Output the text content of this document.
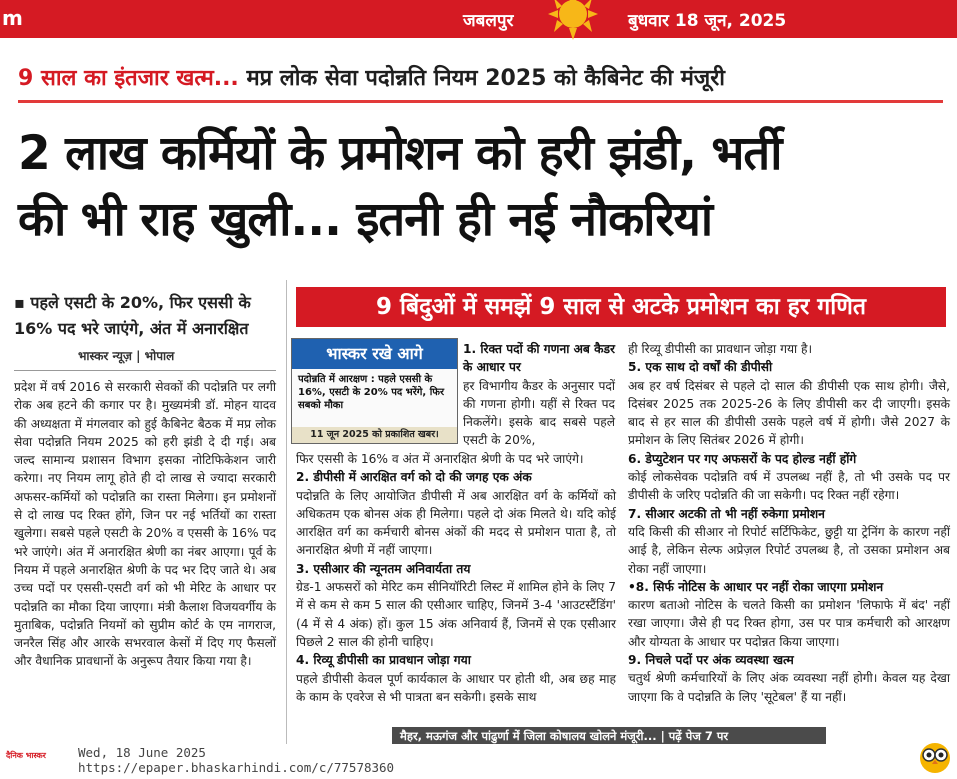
m	जबलपुर	बुधवार 18 जून, 2025
9 साल का इंतजार खत्म... मप्र लोक सेवा पदोन्नति नियम 2025 को कैबिनेट की मंजूरी
2 लाख कर्मियों के प्रमोशन को हरी झंडी, भर्ती
की भी राह खुली... इतनी ही नई नौकरियां
▪ पहले एसटी के 20%, फिर एससी के 16% पद भरे जाएंगे, अंत में अनारक्षित
भास्कर न्यूज़ | भोपाल
प्रदेश में वर्ष 2016 से सरकारी सेवकों की पदोन्नति पर लगी रोक अब हटने की कगार पर है। मुख्यमंत्री डॉ. मोहन यादव की अध्यक्षता में मंगलवार को हुई कैबिनेट बैठक में मप्र लोक सेवा पदोन्नति नियम 2025 को हरी झंडी दे दी गई। अब जल्द सामान्य प्रशासन विभाग इसका नोटिफिकेशन जारी करेगा। नए नियम लागू होते ही दो लाख से ज्यादा सरकारी अफसर-कर्मियों को पदोन्नति का रास्ता मिलेगा। इन प्रमोशनों से दो लाख पद रिक्त होंगे, जिन पर नई भर्तियों का रास्ता खुलेगा। सबसे पहले एसटी के 20% व एससी के 16% पद भरे जाएंगे। अंत में अनारक्षित श्रेणी का नंबर आएगा। पूर्व के नियम में पहले अनारक्षित श्रेणी के पद भर दिए जाते थे। अब उच्च पदों पर एससी-एसटी वर्ग को भी मेरिट के आधार पर पदोन्नति का मौका दिया जाएगा। मंत्री कैलाश विजयवर्गीय के मुताबिक, पदोन्नति नियमों को सुप्रीम कोर्ट के एम नागराज, जनरैल सिंह और आरके सभरवाल केसों में दिए गए फैसलों और वैधानिक प्रावधानों के अनुरूप तैयार किया गया है।
9 बिंदुओं में समझें 9 साल से अटके प्रमोशन का हर गणित
भास्कर रखे आगे
पदोन्नति में आरक्षण : पहले एससी के 16%, एसटी के 20% पद भरेंगे, फिर सबको मौका
11 जून 2025 को प्रकाशित खबर।
1. रिक्त पदों की गणना अब कैडर के आधार पर
हर विभागीय कैडर के अनुसार पदों की गणना होगी। यहीं से रिक्त पद निकलेंगे। इसके बाद सबसे पहले एसटी के 20%,
फिर एससी के 16% व अंत में अनारक्षित श्रेणी के पद भरे जाएंगे।
2. डीपीसी में आरक्षित वर्ग को दो की जगह एक अंक
पदोन्नति के लिए आयोजित डीपीसी में अब आरक्षित वर्ग के कर्मियों को अधिकतम एक बोनस अंक ही मिलेगा। पहले दो अंक मिलते थे। यदि कोई आरक्षित वर्ग का कर्मचारी बोनस अंकों की मदद से प्रमोशन पाता है, तो अनारक्षित श्रेणी में नहीं जाएगा।
3. एसीआर की न्यूनतम अनिवार्यता तय
ग्रेड-1 अफसरों को मेरिट कम सीनियॉरिटी लिस्ट में शामिल होने के लिए 7 में से कम से कम 5 साल की एसीआर चाहिए, जिनमें 3-4 'आउटस्टैंडिंग' (4 में से 4 अंक) हों। कुल 15 अंक अनिवार्य हैं, जिनमें से एक एसीआर पिछले 2 साल की होनी चाहिए।
4. रिव्यू डीपीसी का प्रावधान जोड़ा गया
पहले डीपीसी केवल पूर्ण कार्यकाल के आधार पर होती थी, अब छह माह के काम के एवरेज से भी पात्रता बन सकेगी। इसके साथ
ही रिव्यू डीपीसी का प्रावधान जोड़ा गया है।
5. एक साथ दो वर्षों की डीपीसी
अब हर वर्ष दिसंबर से पहले दो साल की डीपीसी एक साथ होगी। जैसे, दिसंबर 2025 तक 2025-26 के लिए डीपीसी कर दी जाएगी। इसके बाद से हर साल की डीपीसी उसके पहले वर्ष में होगी। जैसे 2027 के प्रमोशन के लिए सितंबर 2026 में होगी।
6. डेप्युटेशन पर गए अफसरों के पद होल्ड नहीं होंगे
कोई लोकसेवक पदोन्नति वर्ष में उपलब्ध नहीं है, तो भी उसके पद पर डीपीसी के जरिए पदोन्नति की जा सकेगी। पद रिक्त नहीं रहेगा।
7. सीआर अटकी तो भी नहीं रुकेगा प्रमोशन
यदि किसी की सीआर नो रिपोर्ट सर्टिफिकेट, छुट्टी या ट्रेनिंग के कारण नहीं आई है, लेकिन सेल्फ अप्रेज़ल रिपोर्ट उपलब्ध है, तो उसका प्रमोशन अब रोका नहीं जाएगा।
•8. सिर्फ नोटिस के आधार पर नहीं रोका जाएगा प्रमोशन
कारण बताओ नोटिस के चलते किसी का प्रमोशन 'लिफाफे में बंद' नहीं रखा जाएगा। जैसे ही पद रिक्त होगा, उस पर पात्र कर्मचारी को आरक्षण और योग्यता के आधार पर पदोन्नत किया जाएगा।
9. निचले पदों पर अंक व्यवस्था खत्म
चतुर्थ श्रेणी कर्मचारियों के लिए अंक व्यवस्था नहीं होगी। केवल यह देखा जाएगा कि वे पदोन्नति के लिए 'सूटेबल' हैं या नहीं।
मैहर, मऊगंज और पांढुर्णा में जिला कोषालय खोलने मंजूरी... | पढ़ें पेज 7 पर
दैनिक भास्कर	Wed, 18 June 2025
https://epaper.bhaskarhindi.com/c/77578360
